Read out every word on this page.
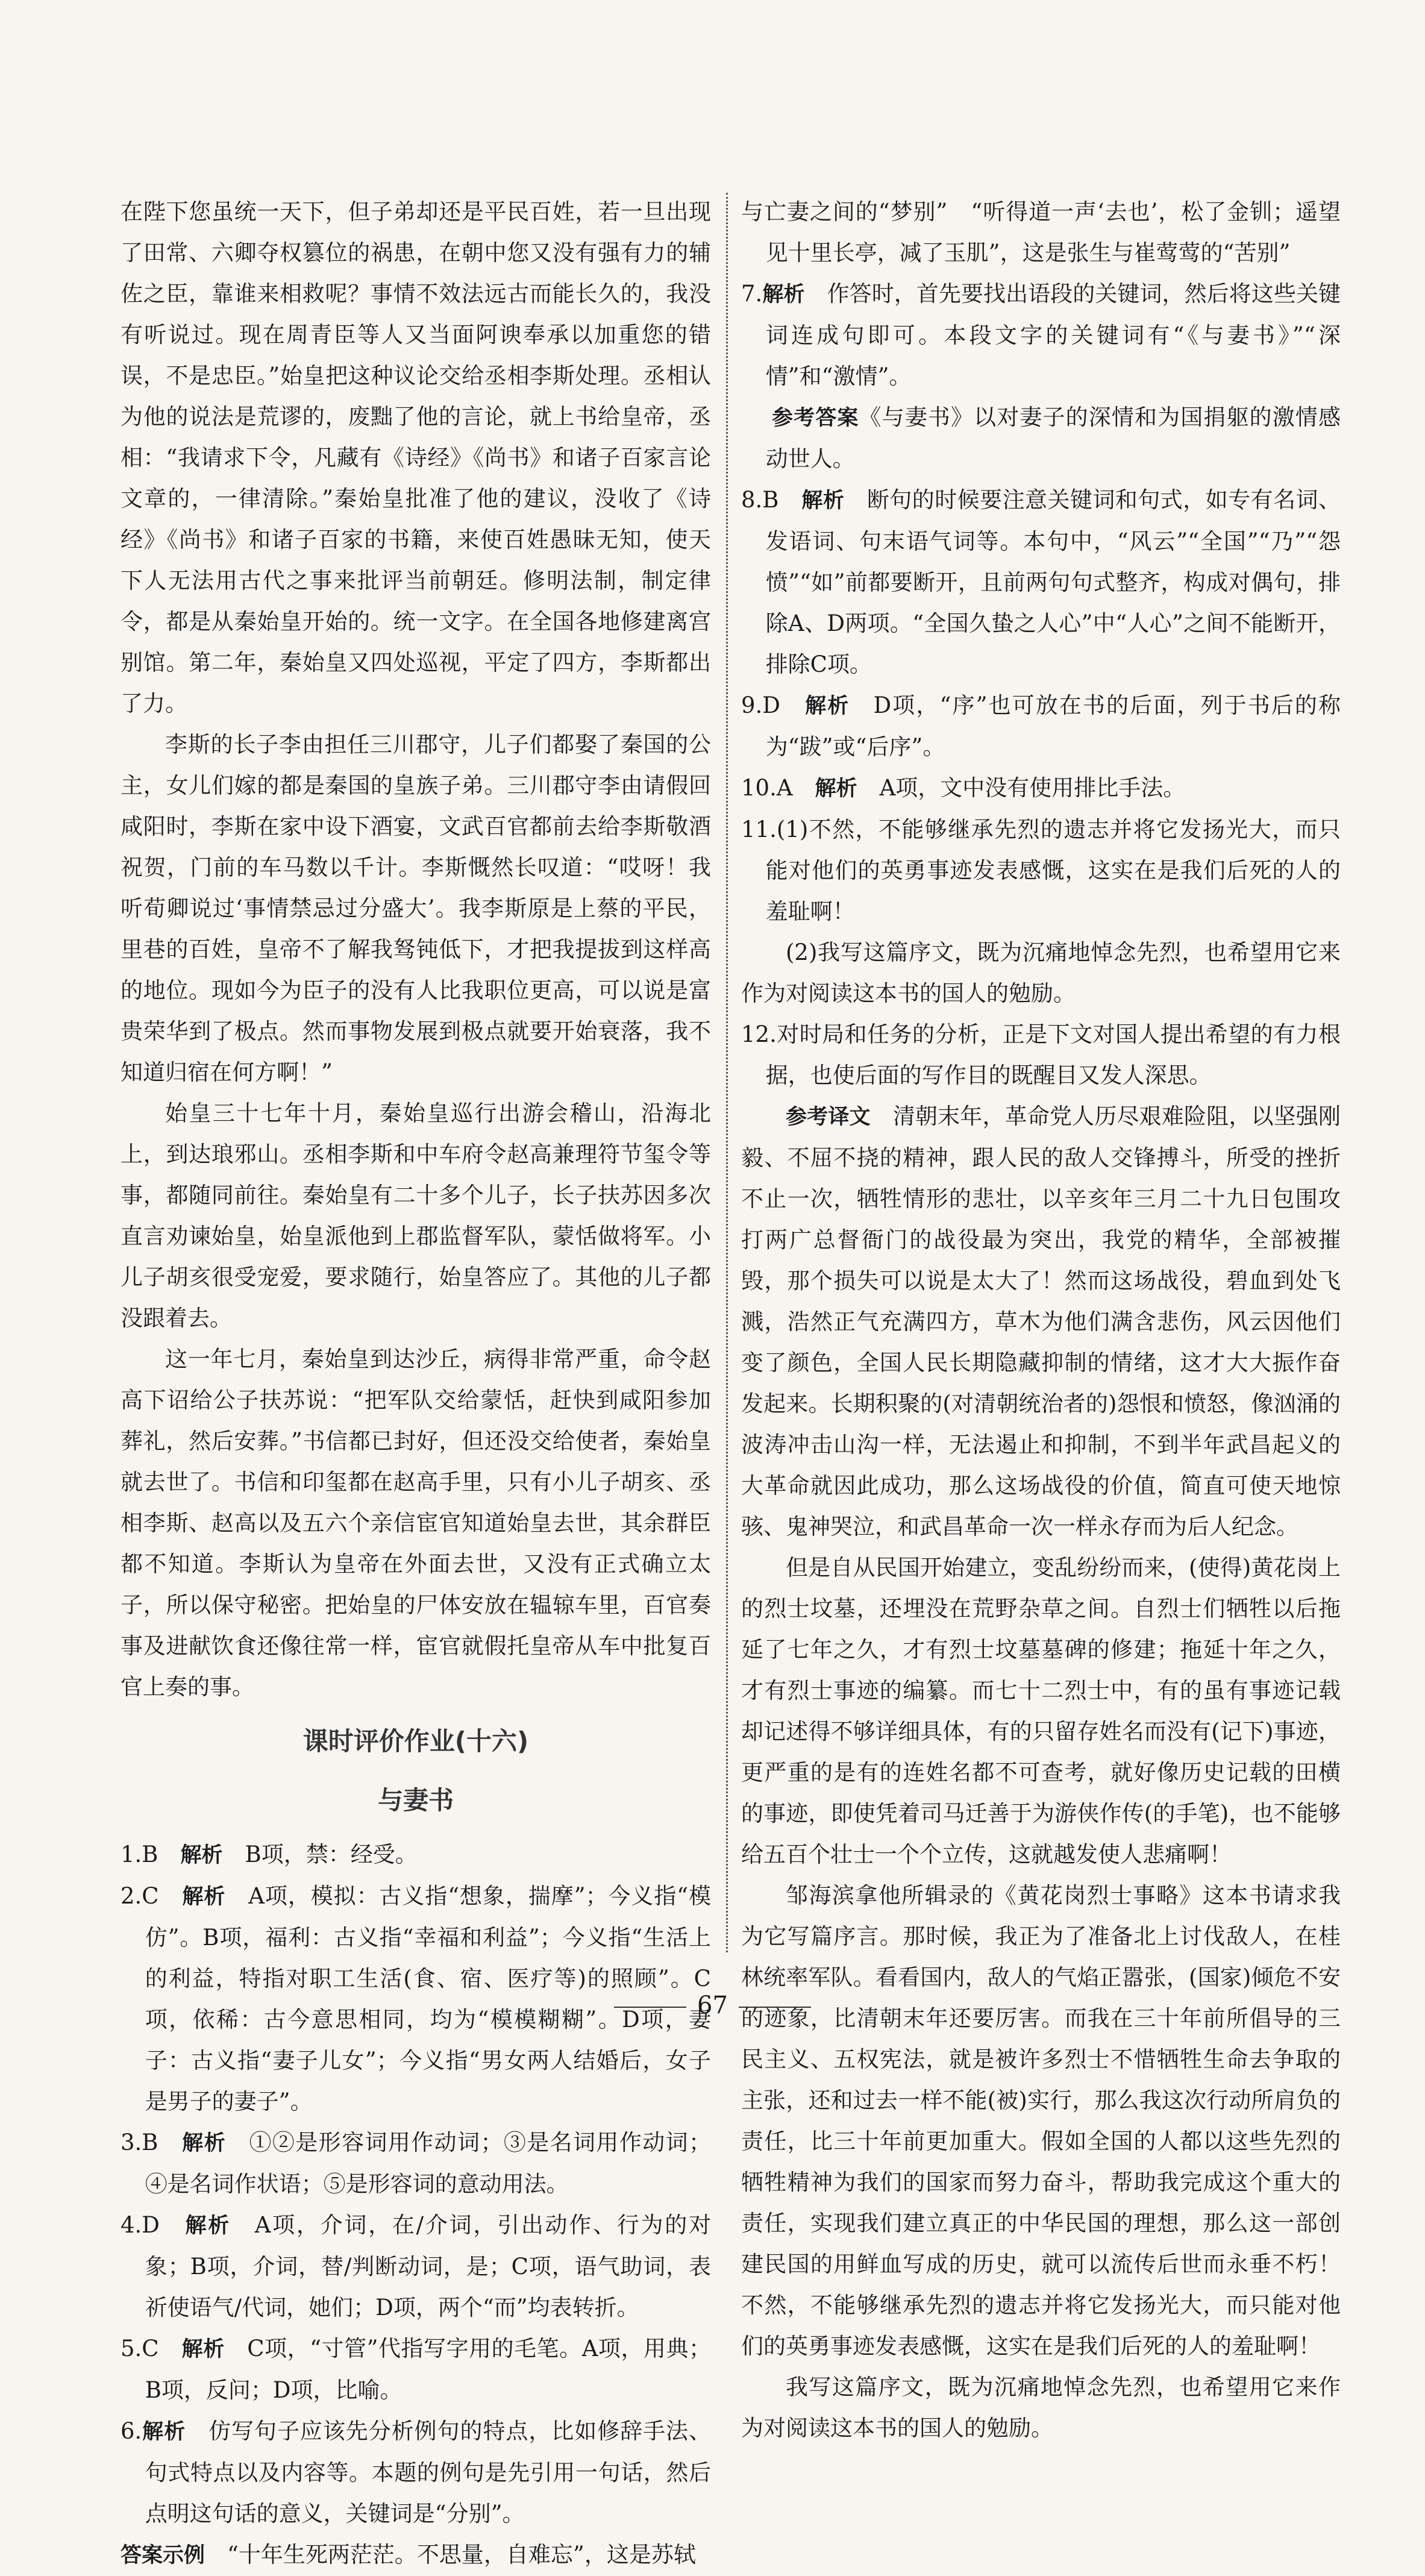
在陛下您虽统一天下，但子弟却还是平民百姓，若一旦出现了田常、六卿夺权篡位的祸患，在朝中您又没有强有力的辅佐之臣，靠谁来相救呢？事情不效法远古而能长久的，我没有听说过。现在周青臣等人又当面阿谀奉承以加重您的错误，不是忠臣。”始皇把这种议论交给丞相李斯处理。丞相认为他的说法是荒谬的，废黜了他的言论，就上书给皇帝，丞相：“我请求下令，凡藏有《诗经》《尚书》和诸子百家言论文章的，一律清除。”秦始皇批准了他的建议，没收了《诗经》《尚书》和诸子百家的书籍，来使百姓愚昧无知，使天下人无法用古代之事来批评当前朝廷。修明法制，制定律令，都是从秦始皇开始的。统一文字。在全国各地修建离宫别馆。第二年，秦始皇又四处巡视，平定了四方，李斯都出了力。

李斯的长子李由担任三川郡守，儿子们都娶了秦国的公主，女儿们嫁的都是秦国的皇族子弟。三川郡守李由请假回咸阳时，李斯在家中设下酒宴，文武百官都前去给李斯敬酒祝贺，门前的车马数以千计。李斯慨然长叹道：“哎呀！我听荀卿说过‘事情禁忌过分盛大’。我李斯原是上蔡的平民，里巷的百姓，皇帝不了解我驽钝低下，才把我提拔到这样高的地位。现如今为臣子的没有人比我职位更高，可以说是富贵荣华到了极点。然而事物发展到极点就要开始衰落，我不知道归宿在何方啊！”

始皇三十七年十月，秦始皇巡行出游会稽山，沿海北上，到达琅邪山。丞相李斯和中车府令赵高兼理符节玺令等事，都随同前往。秦始皇有二十多个儿子，长子扶苏因多次直言劝谏始皇，始皇派他到上郡监督军队，蒙恬做将军。小儿子胡亥很受宠爱，要求随行，始皇答应了。其他的儿子都没跟着去。

这一年七月，秦始皇到达沙丘，病得非常严重，命令赵高下诏给公子扶苏说：“把军队交给蒙恬，赶快到咸阳参加葬礼，然后安葬。”书信都已封好，但还没交给使者，秦始皇就去世了。书信和印玺都在赵高手里，只有小儿子胡亥、丞相李斯、赵高以及五六个亲信宦官知道始皇去世，其余群臣都不知道。李斯认为皇帝在外面去世，又没有正式确立太子，所以保守秘密。把始皇的尸体安放在辒辌车里，百官奏事及进献饮食还像往常一样，宦官就假托皇帝从车中批复百官上奏的事。

课时评价作业(十六)
与妻书

1.B　 解析　 B项，禁：经受。

2.C　 解析　 A项，模拟：古义指“想象，揣摩”；今义指“模仿”。B项，福利：古义指“幸福和利益”；今义指“生活上的利益，特指对职工生活(食、宿、医疗等)的照顾”。C项，依稀：古今意思相同，均为“模模糊糊”。D项，妻子：古义指“妻子儿女”；今义指“男女两人结婚后，女子是男子的妻子”。

3.B　 解析　 ①②是形容词用作动词；③是名词用作动词；④是名词作状语；⑤是形容词的意动用法。

4.D　 解析　 A项，介词，在/介词，引出动作、行为的对象；B项，介词，替/判断动词，是；C项，语气助词，表祈使语气/代词，她们；D项，两个“而”均表转折。

5.C　 解析　 C项，“寸管”代指写字用的毛笔。A项，用典；B项，反问；D项，比喻。

6.解析　 仿写句子应该先分析例句的特点，比如修辞手法、句式特点以及内容等。本题的例句是先引用一句话，然后点明这句话的意义，关键词是“分别”。

答案示例　 “十年生死两茫茫。不思量，自难忘”，这是苏轼

与亡妻之间的“梦别”　“听得道一声‘去也’，松了金钏；遥望见十里长亭，减了玉肌”，这是张生与崔莺莺的“苦别”

7.解析　 作答时，首先要找出语段的关键词，然后将这些关键词连成句即可。本段文字的关键词有“《与妻书》”“深情”和“激情”。

　 参考答案《与妻书》以对妻子的深情和为国捐躯的激情感动世人。

8.B　 解析　 断句的时候要注意关键词和句式，如专有名词、发语词、句末语气词等。本句中，“风云”“全国”“乃”“怨愤”“如”前都要断开，且前两句句式整齐，构成对偶句，排除A、D两项。“全国久蛰之人心”中“人心”之间不能断开，排除C项。

9.D　 解析　 D项，“序”也可放在书的后面，列于书后的称为“跋”或“后序”。

10.A　 解析　 A项，文中没有使用排比手法。

11.(1)不然，不能够继承先烈的遗志并将它发扬光大，而只能对他们的英勇事迹发表感慨，这实在是我们后死的人的羞耻啊！

(2)我写这篇序文，既为沉痛地悼念先烈，也希望用它来作为对阅读这本书的国人的勉励。

12.对时局和任务的分析，正是下文对国人提出希望的有力根据，也使后面的写作目的既醒目又发人深思。

参考译文　 清朝末年，革命党人历尽艰难险阻，以坚强刚毅、不屈不挠的精神，跟人民的敌人交锋搏斗，所受的挫折不止一次，牺牲情形的悲壮，以辛亥年三月二十九日包围攻打两广总督衙门的战役最为突出，我党的精华，全部被摧毁，那个损失可以说是太大了！然而这场战役，碧血到处飞溅，浩然正气充满四方，草木为他们满含悲伤，风云因他们变了颜色，全国人民长期隐藏抑制的情绪，这才大大振作奋发起来。长期积聚的(对清朝统治者的)怨恨和愤怒，像汹涌的波涛冲击山沟一样，无法遏止和抑制，不到半年武昌起义的大革命就因此成功，那么这场战役的价值，简直可使天地惊骇、鬼神哭泣，和武昌革命一次一样永存而为后人纪念。

但是自从民国开始建立，变乱纷纷而来，(使得)黄花岗上的烈士坟墓，还埋没在荒野杂草之间。自烈士们牺牲以后拖延了七年之久，才有烈士坟墓墓碑的修建；拖延十年之久，才有烈士事迹的编纂。而七十二烈士中，有的虽有事迹记载却记述得不够详细具体，有的只留存姓名而没有(记下)事迹，更严重的是有的连姓名都不可查考，就好像历史记载的田横的事迹，即使凭着司马迁善于为游侠作传(的手笔)，也不能够给五百个壮士一个个立传，这就越发使人悲痛啊！

邹海滨拿他所辑录的《黄花岗烈士事略》这本书请求我为它写篇序言。那时候，我正为了准备北上讨伐敌人，在桂林统率军队。看看国内，敌人的气焰正嚣张，(国家)倾危不安的迹象，比清朝末年还要厉害。而我在三十年前所倡导的三民主义、五权宪法，就是被许多烈士不惜牺牲生命去争取的主张，还和过去一样不能(被)实行，那么我这次行动所肩负的责任，比三十年前更加重大。假如全国的人都以这些先烈的牺牲精神为我们的国家而努力奋斗，帮助我完成这个重大的责任，实现我们建立真正的中华民国的理想，那么这一部创建民国的用鲜血写成的历史，就可以流传后世而永垂不朽！不然，不能够继承先烈的遗志并将它发扬光大，而只能对他们的英勇事迹发表感慨，这实在是我们后死的人的羞耻啊！

我写这篇序文，既为沉痛地悼念先烈，也希望用它来作为对阅读这本书的国人的勉励。

67
